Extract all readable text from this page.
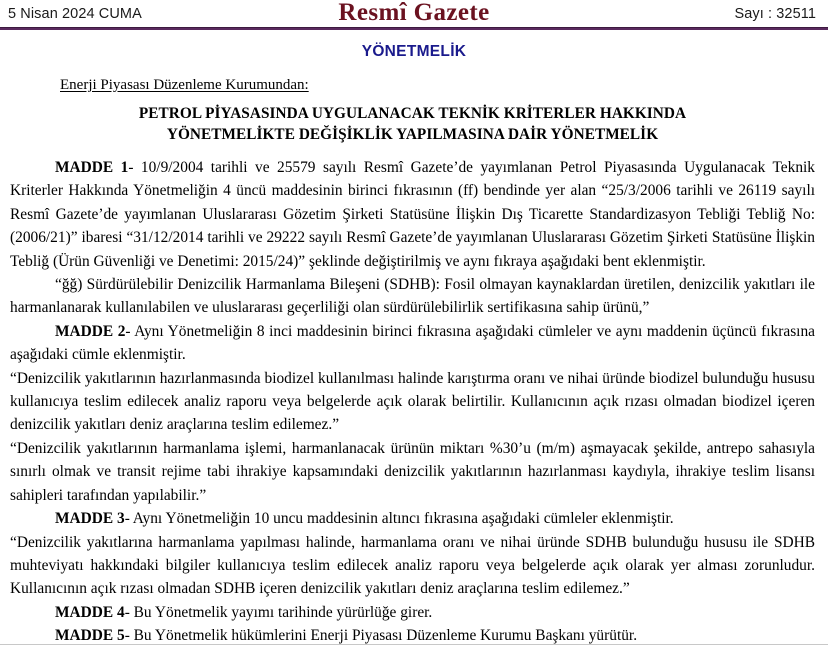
5 Nisan 2024 CUMA	Resmî Gazete	Sayı : 32511
YÖNETMELİK
Enerji Piyasası Düzenleme Kurumundan:
PETROL PİYASASINDA UYGULANACAK TEKNİK KRİTERLER HAKKINDA
YÖNETMELİKTE DEĞİŞİKLİK YAPILMASINA DAİR YÖNETMELİK

MADDE 1- 10/9/2004 tarihli ve 25579 sayılı Resmî Gazete’de yayımlanan Petrol Piyasasında Uygulanacak Teknik Kriterler Hakkında Yönetmeliğin 4 üncü maddesinin birinci fıkrasının (ff) bendinde yer alan “25/3/2006 tarihli ve 26119 sayılı Resmî Gazete’de yayımlanan Uluslararası Gözetim Şirketi Statüsüne İlişkin Dış Ticarette Standardizasyon Tebliği Tebliğ No: (2006/21)” ibaresi “31/12/2014 tarihli ve 29222 sayılı Resmî Gazete’de yayımlanan Uluslararası Gözetim Şirketi Statüsüne İlişkin Tebliğ (Ürün Güvenliği ve Denetimi: 2015/24)” şeklinde değiştirilmiş ve aynı fıkraya aşağıdaki bent eklenmiştir.

“ğğ) Sürdürülebilir Denizcilik Harmanlama Bileşeni (SDHB): Fosil olmayan kaynaklardan üretilen, denizcilik yakıtları ile harmanlanarak kullanılabilen ve uluslararası geçerliliği olan sürdürülebilirlik sertifikasına sahip ürünü,”

MADDE 2- Aynı Yönetmeliğin 8 inci maddesinin birinci fıkrasına aşağıdaki cümleler ve aynı maddenin üçüncü fıkrasına aşağıdaki cümle eklenmiştir.

“Denizcilik yakıtlarının hazırlanmasında biodizel kullanılması halinde karıştırma oranı ve nihai üründe biodizel bulunduğu hususu kullanıcıya teslim edilecek analiz raporu veya belgelerde açık olarak belirtilir. Kullanıcının açık rızası olmadan biodizel içeren denizcilik yakıtları deniz araçlarına teslim edilemez.”

“Denizcilik yakıtlarının harmanlama işlemi, harmanlanacak ürünün miktarı %30’u (m/m) aşmayacak şekilde, antrepo sahasıyla sınırlı olmak ve transit rejime tabi ihrakiye kapsamındaki denizcilik yakıtlarının hazırlanması kaydıyla, ihrakiye teslim lisansı sahipleri tarafından yapılabilir.”

MADDE 3- Aynı Yönetmeliğin 10 uncu maddesinin altıncı fıkrasına aşağıdaki cümleler eklenmiştir.

“Denizcilik yakıtlarına harmanlama yapılması halinde, harmanlama oranı ve nihai üründe SDHB bulunduğu hususu ile SDHB muhteviyatı hakkındaki bilgiler kullanıcıya teslim edilecek analiz raporu veya belgelerde açık olarak yer alması zorunludur. Kullanıcının açık rızası olmadan SDHB içeren denizcilik yakıtları deniz araçlarına teslim edilemez.”

MADDE 4- Bu Yönetmelik yayımı tarihinde yürürlüğe girer.

MADDE 5- Bu Yönetmelik hükümlerini Enerji Piyasası Düzenleme Kurumu Başkanı yürütür.
